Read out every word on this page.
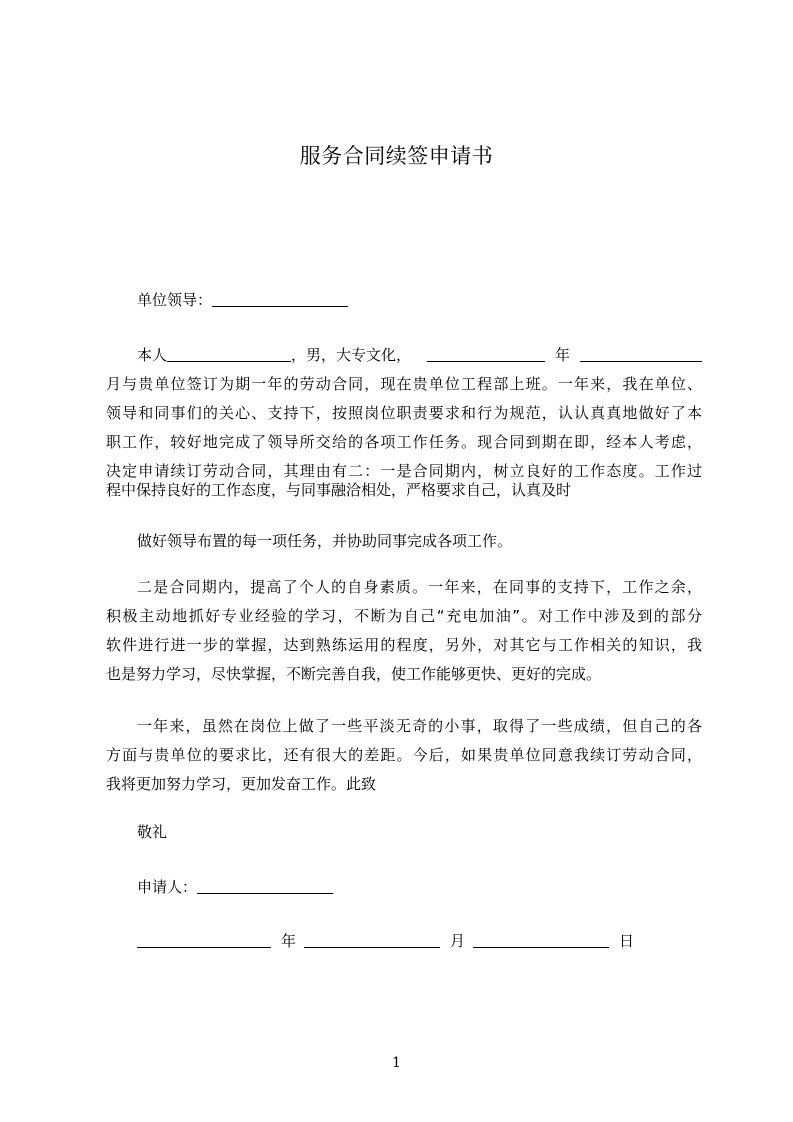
服务合同续签申请书
单位领导：
本人	，男，大专文化，	年
月与贵单位签订为期一年的劳动合同，现在贵单位工程部上班。一年来，我在单位、
领导和同事们的关心、支持下，按照岗位职责要求和行为规范，认认真真地做好了本
职工作，较好地完成了领导所交给的各项工作任务。现合同到期在即，经本人考虑，
决定申请续订劳动合同，其理由有二：一是合同期内，树立良好的工作态度。工作过
程中保持良好的工作态度，与同事融洽相处，严格要求自己，认真及时
做好领导布置的每一项任务，并协助同事完成各项工作。
二是合同期内，提高了个人的自身素质。一年来，在同事的支持下，工作之余，
积极主动地抓好专业经验的学习，不断为自己“充电加油”。对工作中涉及到的部分
软件进行进一步的掌握，达到熟练运用的程度，另外，对其它与工作相关的知识，我
也是努力学习，尽快掌握，不断完善自我，使工作能够更快、更好的完成。
一年来，虽然在岗位上做了一些平淡无奇的小事，取得了一些成绩，但自己的各
方面与贵单位的要求比，还有很大的差距。今后，如果贵单位同意我续订劳动合同，
我将更加努力学习，更加发奋工作。此致
敬礼
申请人：
年	月	日
1
